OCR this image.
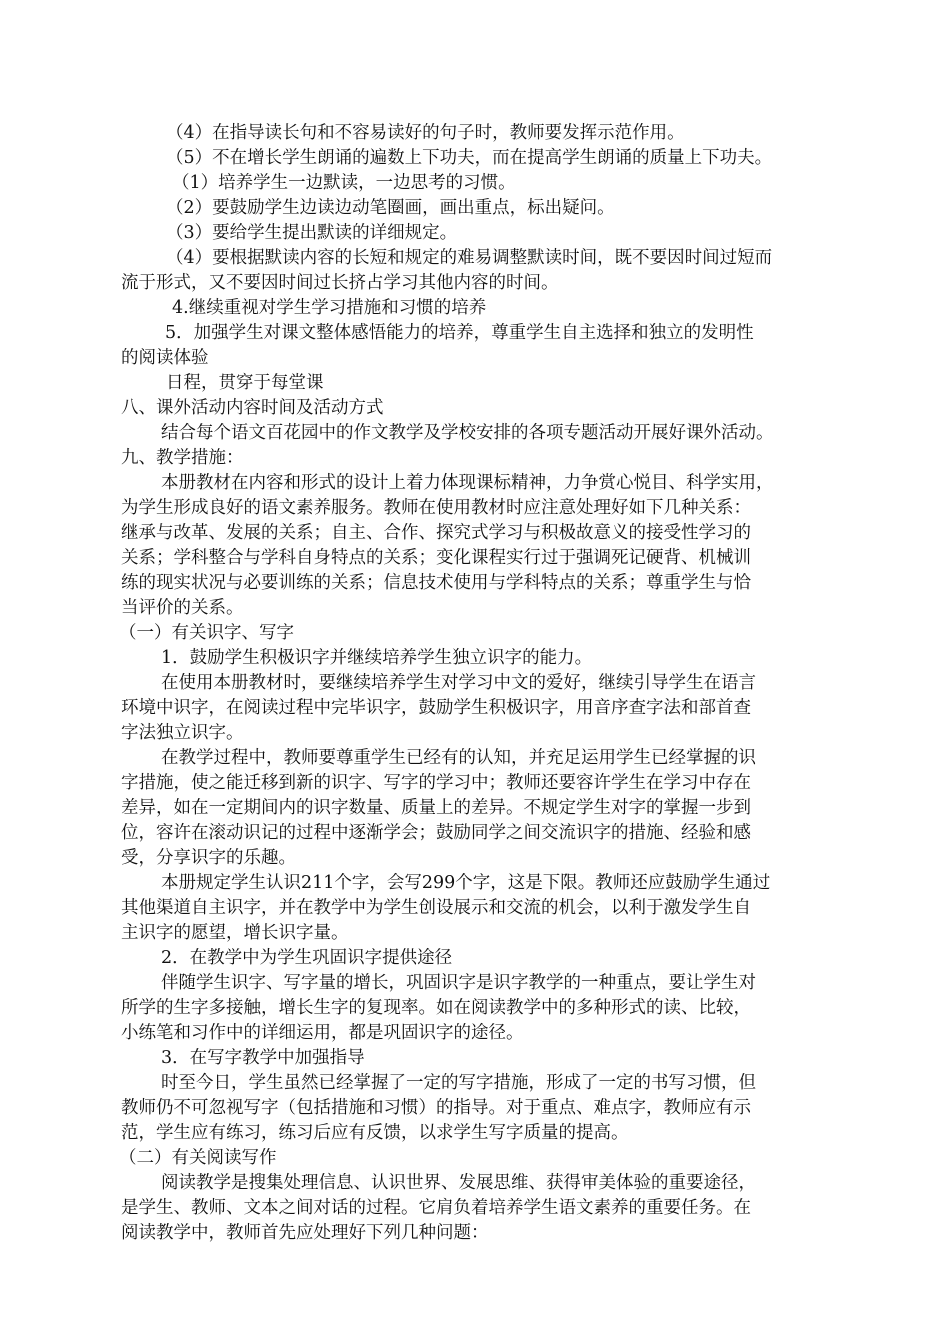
（4）在指导读长句和不容易读好的句子时，教师要发挥示范作用。
（5）不在增长学生朗诵的遍数上下功夫，而在提高学生朗诵的质量上下功夫。
（1）培养学生一边默读，一边思考的习惯。
（2）要鼓励学生边读边动笔圈画，画出重点，标出疑问。
（3）要给学生提出默读的详细规定。
（4）要根据默读内容的长短和规定的难易调整默读时间，既不要因时间过短而
流于形式，又不要因时间过长挤占学习其他内容的时间。
4.继续重视对学生学习措施和习惯的培养
5．加强学生对课文整体感悟能力的培养，尊重学生自主选择和独立的发明性
的阅读体验
日程，贯穿于每堂课
八、课外活动内容时间及活动方式
结合每个语文百花园中的作文教学及学校安排的各项专题活动开展好课外活动。
九、教学措施：
本册教材在内容和形式的设计上着力体现课标精神，力争赏心悦目、科学实用，
为学生形成良好的语文素养服务。教师在使用教材时应注意处理好如下几种关系：
继承与改革、发展的关系；自主、合作、探究式学习与积极故意义的接受性学习的
关系；学科整合与学科自身特点的关系；变化课程实行过于强调死记硬背、机械训
练的现实状况与必要训练的关系；信息技术使用与学科特点的关系；尊重学生与恰
当评价的关系。
（一）有关识字、写字
1．鼓励学生积极识字并继续培养学生独立识字的能力。
在使用本册教材时，要继续培养学生对学习中文的爱好，继续引导学生在语言
环境中识字，在阅读过程中完毕识字，鼓励学生积极识字，用音序查字法和部首查
字法独立识字。
在教学过程中，教师要尊重学生已经有的认知，并充足运用学生已经掌握的识
字措施，使之能迁移到新的识字、写字的学习中；教师还要容许学生在学习中存在
差异，如在一定期间内的识字数量、质量上的差异。不规定学生对字的掌握一步到
位，容许在滚动识记的过程中逐渐学会；鼓励同学之间交流识字的措施、经验和感
受，分享识字的乐趣。
本册规定学生认识211个字，会写299个字，这是下限。教师还应鼓励学生通过
其他渠道自主识字，并在教学中为学生创设展示和交流的机会，以利于激发学生自
主识字的愿望，增长识字量。
2．在教学中为学生巩固识字提供途径
伴随学生识字、写字量的增长，巩固识字是识字教学的一种重点，要让学生对
所学的生字多接触，增长生字的复现率。如在阅读教学中的多种形式的读、比较，
小练笔和习作中的详细运用，都是巩固识字的途径。
3．在写字教学中加强指导
时至今日，学生虽然已经掌握了一定的写字措施，形成了一定的书写习惯，但
教师仍不可忽视写字（包括措施和习惯）的指导。对于重点、难点字，教师应有示
范，学生应有练习，练习后应有反馈，以求学生写字质量的提高。
（二）有关阅读写作
阅读教学是搜集处理信息、认识世界、发展思维、获得审美体验的重要途径，
是学生、教师、文本之间对话的过程。它肩负着培养学生语文素养的重要任务。在
阅读教学中，教师首先应处理好下列几种问题：
